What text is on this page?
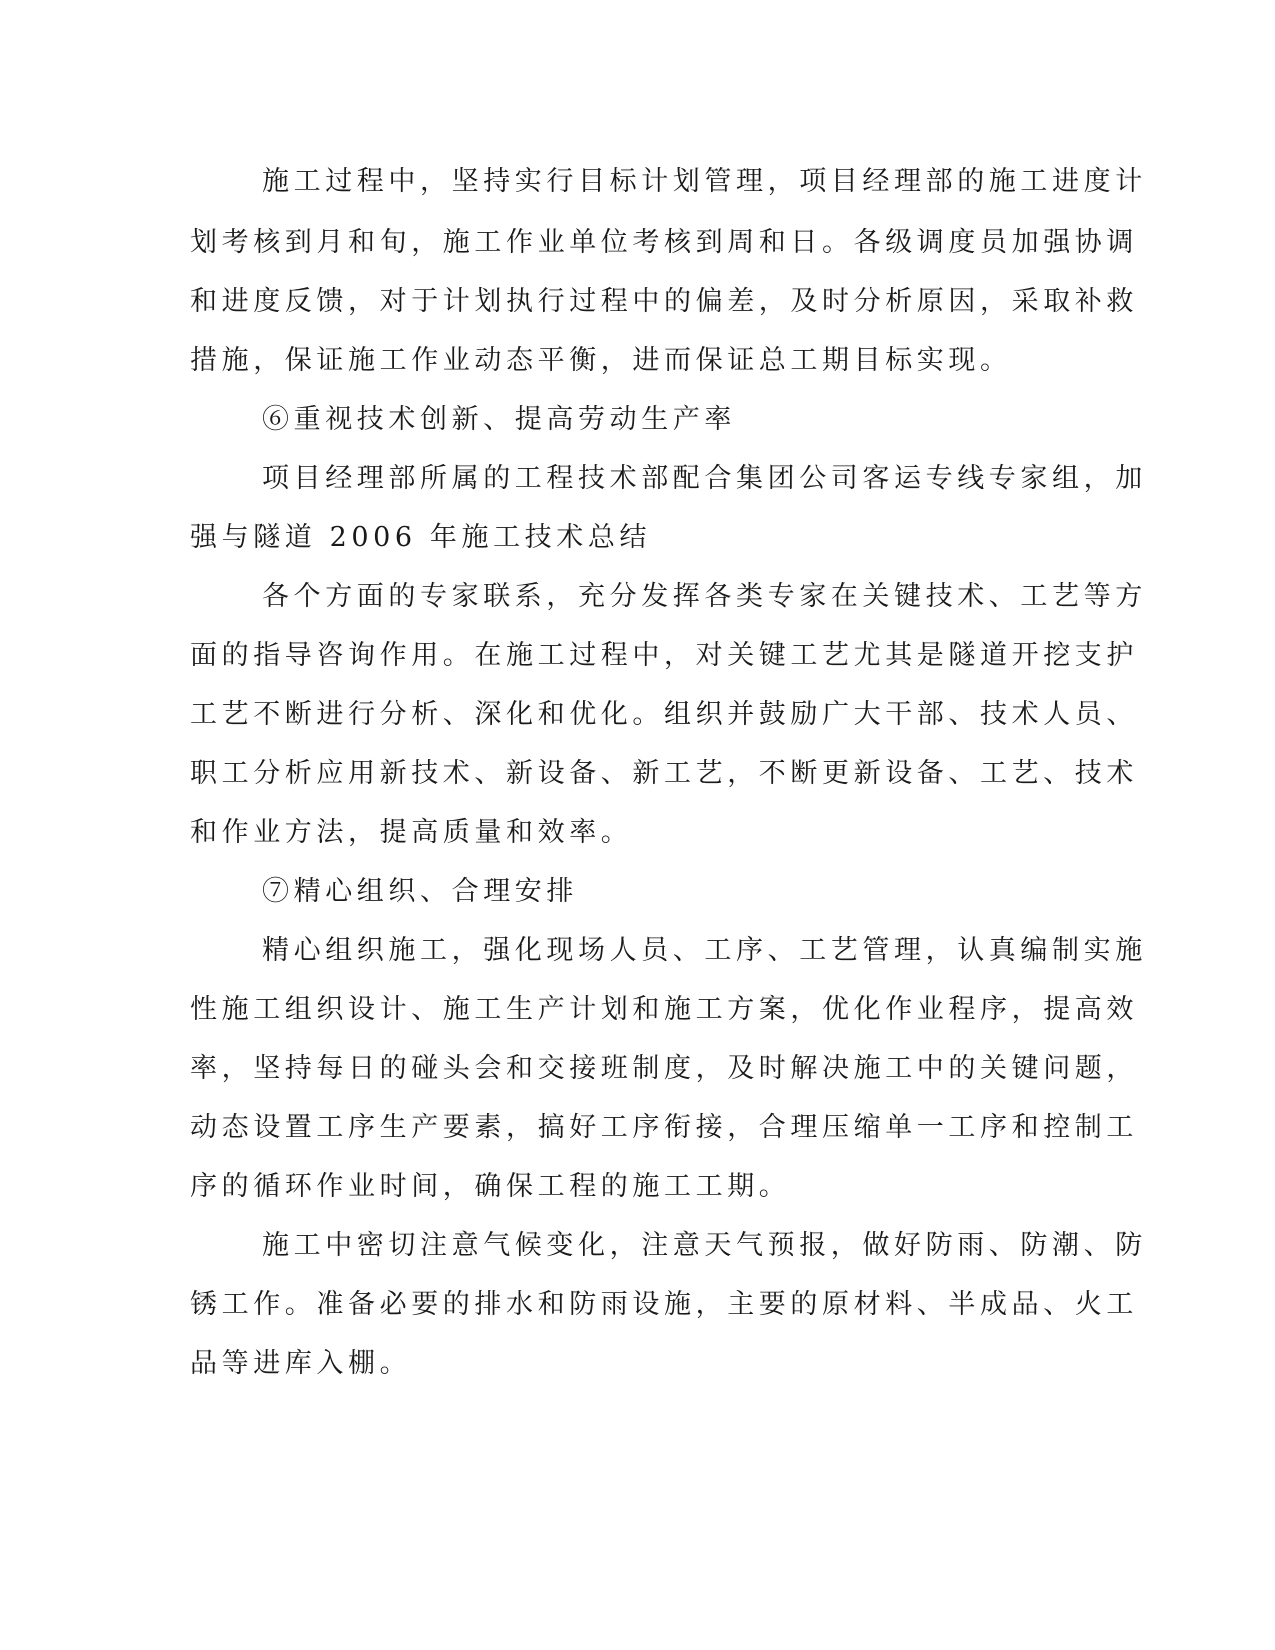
施工过程中，坚持实行目标计划管理，项目经理部的施工进度计
划考核到月和旬，施工作业单位考核到周和日。各级调度员加强协调
和进度反馈，对于计划执行过程中的偏差，及时分析原因，采取补救
措施，保证施工作业动态平衡，进而保证总工期目标实现。
⑥重视技术创新、提高劳动生产率
项目经理部所属的工程技术部配合集团公司客运专线专家组，加
强与隧道 2006 年施工技术总结
各个方面的专家联系，充分发挥各类专家在关键技术、工艺等方
面的指导咨询作用。在施工过程中，对关键工艺尤其是隧道开挖支护
工艺不断进行分析、深化和优化。组织并鼓励广大干部、技术人员、
职工分析应用新技术、新设备、新工艺，不断更新设备、工艺、技术
和作业方法，提高质量和效率。
⑦精心组织、合理安排
精心组织施工，强化现场人员、工序、工艺管理，认真编制实施
性施工组织设计、施工生产计划和施工方案，优化作业程序，提高效
率，坚持每日的碰头会和交接班制度，及时解决施工中的关键问题，
动态设置工序生产要素，搞好工序衔接，合理压缩单一工序和控制工
序的循环作业时间，确保工程的施工工期。
施工中密切注意气候变化，注意天气预报，做好防雨、防潮、防
锈工作。准备必要的排水和防雨设施，主要的原材料、半成品、火工
品等进库入棚。
